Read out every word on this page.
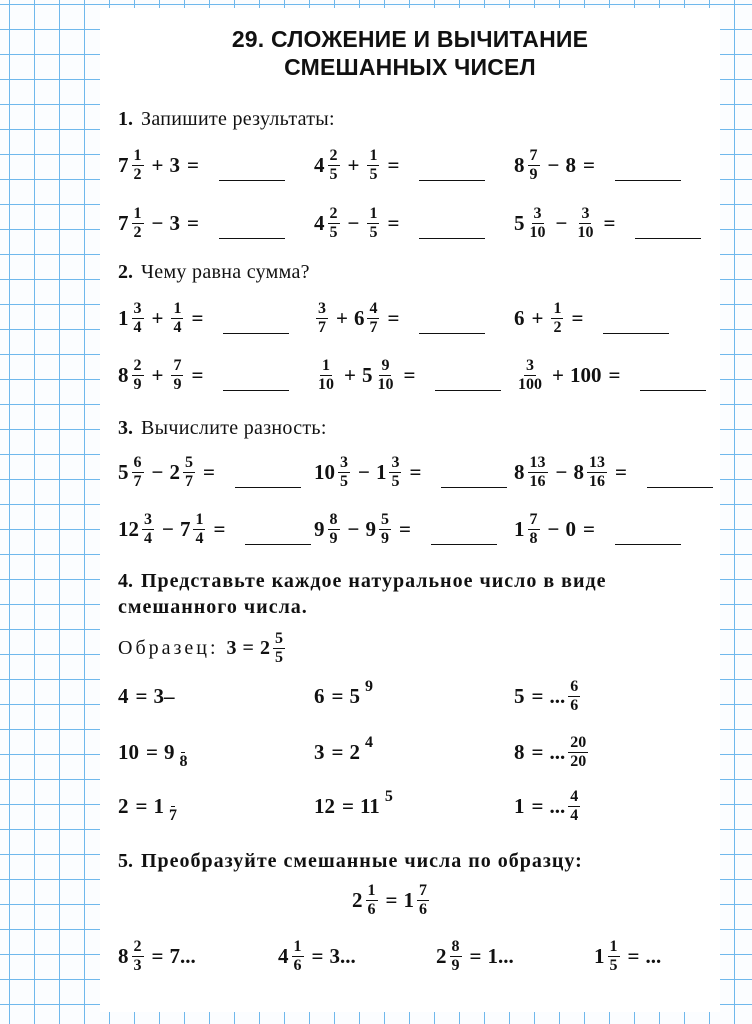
29. СЛОЖЕНИЕ И ВЫЧИТАНИЕ
СМЕШАННЫХ ЧИСЕЛ
1. Запишите результаты:
2. Чему равна сумма?
3. Вычислите разность:
4. Представьте каждое натуральное число в виде
смешанного числа.
Образец: $3 = 2 \frac{5}{5}$
5. Преобразуйте смешанные числа по образцу:
$7 \frac{1}{2} + 3$ =	$4 \frac{2}{5} + \frac{1}{5}$ =	$8 \frac{7}{9} - 8$ =
$7 \frac{1}{2} - 3$ =	$4 \frac{2}{5} - \frac{1}{5}$ =	$5 \frac{3}{10} - \frac{3}{10}$ =
$1 \frac{3}{4} + \frac{1}{4}$ =	$\frac{3}{7} + 6 \frac{4}{7}$ =	$6 + \frac{1}{2}$ =
$8 \frac{2}{9} + \frac{7}{9}$ =	$\frac{1}{10} + 5 \frac{9}{10}$ =	$\frac{3}{100} + 100$ =
$5 \frac{6}{7} - 2 \frac{5}{7}$ =	$10 \frac{3}{5} - 1 \frac{3}{5}$ =	$8 \frac{13}{16} - 8 \frac{13}{16}$ =
$12 \frac{3}{4} - 7 \frac{1}{4}$ =	$9 \frac{8}{9} - 9 \frac{5}{9}$ =	$1 \frac{7}{8} - 0$ =
4 = 3–	6 = 5 9	5 = ... $\frac{6}{6}$
10 = 9 8	3 = 2 4	8 = ... $\frac{20}{20}$
2 = 1 7	12 = 11 5	1 = ... $\frac{4}{4}$
$2 \frac{1}{6} = 1 \frac{7}{6}$
$8 \frac{2}{3} = 7$...	$4 \frac{1}{6} = 3$...	$2 \frac{8}{9} = 1$...	$1 \frac{1}{5}$ = ...
